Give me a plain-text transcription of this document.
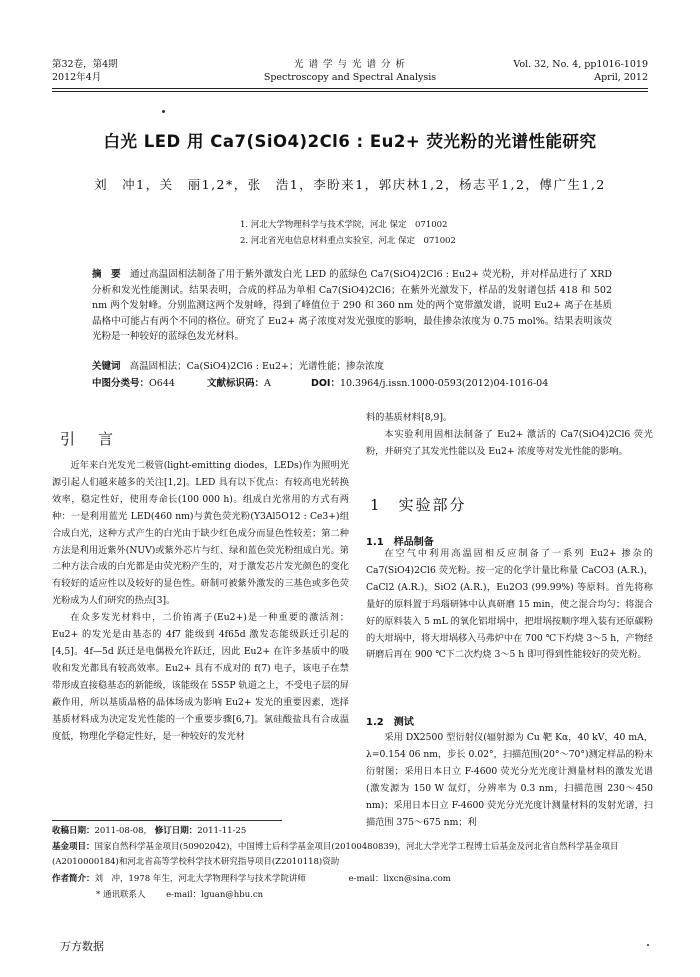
第32卷，第4期
2012年4月
光 谱 学 与 光 谱 分 析
Spectroscopy and Spectral Analysis
Vol. 32, No. 4, pp1016-1019
April, 2012
白光 LED 用 Ca7(SiO4)2Cl6 : Eu2+ 荧光粉的光谱性能研究
刘　冲1，关　丽1,2*，张　浩1，李盼来1，郭庆林1,2，杨志平1,2，傅广生1,2
1. 河北大学物理科学与技术学院，河北 保定　071002
2. 河北省光电信息材料重点实验室，河北 保定　071002
摘　要 通过高温固相法制备了用于紫外激发白光 LED 的蓝绿色 Ca7(SiO4)2Cl6 : Eu2+ 荧光粉，并对样品进行了 XRD 分析和发光性能测试。结果表明，合成的样品为单相 Ca7(SiO4)2Cl6；在紫外光激发下，样品的发射谱包括 418 和 502 nm 两个发射峰。分别监测这两个发射峰，得到了峰值位于 290 和 360 nm 处的两个宽带激发谱，说明 Eu2+ 离子在基质晶格中可能占有两个不同的格位。研究了 Eu2+ 离子浓度对发光强度的影响，最佳掺杂浓度为 0.75 mol%。结果表明该荧光粉是一种较好的蓝绿色发光材料。
关键词 高温固相法；Ca(SiO4)2Cl6 : Eu2+；光谱性能；掺杂浓度
中图分类号：O644	文献标识码：A	DOI：10.3964/j.issn.1000-0593(2012)04-1016-04
引　言

近年来白光发光二极管(light-emitting diodes，LEDs)作为照明光源引起人们越来越多的关注[1,2]。LED 具有以下优点：有较高电光转换效率，稳定性好，使用寿命长(100 000 h)。组成白光常用的方式有两种：一是利用蓝光 LED(460 nm)与黄色荧光粉(Y3Al5O12 : Ce3+)组合成白光，这种方式产生的白光由于缺少红色成分而显色性较差；第二种方法是利用近紫外(NUV)或紫外芯片与红、绿和蓝色荧光粉组成白光。第二种方法合成的白光都是由荧光粉产生的，对于激发芯片发光颜色的变化有较好的适应性以及较好的显色性。研制可被紫外激发的三基色或多色荧光粉成为人们研究的热点[3]。

在众多发光材料中，二价铕离子(Eu2+)是一种重要的激活剂；Eu2+ 的发光是由基态的 4f7 能级到 4f65d 激发态能级跃迁引起的[4,5]。4f—5d 跃迁是电偶极允许跃迁，因此 Eu2+ 在许多基质中的吸收和发光都具有较高效率。Eu2+ 具有不成对的 f(7) 电子，该电子在禁带形成直接稳基态的新能级，该能级在 5S5P 轨道之上，不受电子层的屏蔽作用，所以基质晶格的晶体场成为影响 Eu2+ 发光的重要因素，选择基质材料成为决定发光性能的一个重要步骤[6,7]。氯硅酸盐具有合成温度低，物理化学稳定性好，是一种较好的发光材

料的基质材料[8,9]。

本实验利用固相法制备了 Eu2+ 激活的 Ca7(SiO4)2Cl6 荧光粉，并研究了其发光性能以及 Eu2+ 浓度等对发光性能的影响。

1　实验部分
1.1　样品制备

在空气中利用高温固相反应制备了一系列 Eu2+ 掺杂的 Ca7(SiO4)2Cl6 荧光粉。按一定的化学计量比称量 CaCO3 (A.R.)，CaCl2 (A.R.)，SiO2 (A.R.)，Eu2O3 (99.99%) 等原料。首先将称量好的原料置于玛瑙研钵中认真研磨 15 min，使之混合均匀；将混合好的原料装入 5 mL 的氧化铝坩埚中，把坩埚按顺序埋入装有还原碳粉的大坩埚中，将大坩埚移入马弗炉中在 700 ℃下灼烧 3～5 h，产物经研磨后再在 900 ℃下二次灼烧 3～5 h 即可得到性能较好的荧光粉。

1.2　测试

采用 DX2500 型衍射仪(辐射源为 Cu 靶 Kα，40 kV，40 mA，λ=0.154 06 nm，步长 0.02°，扫描范围(20°～70°)测定样品的粉末衍射图；采用日本日立 F-4600 荧光分光光度计测量材料的激发光谱(激发源为 150 W 氙灯，分辨率为 0.3 nm，扫描范围 230～450 nm)；采用日本日立 F-4600 荧光分光光度计测量材料的发射光谱，扫描范围 375～675 nm；利

收稿日期：2011-08-08， 修订日期：2011-11-25
基金项目：国家自然科学基金项目(50902042)，中国博士后科学基金项目(20100480839)，河北大学光学工程博士后基金及河北省自然科学基金项目(A2010000184)和河北省高等学校科学技术研究指导项目(Z2010118)资助
作者简介：刘　冲，1978 年生，河北大学物理科学与技术学院讲师	e-mail：lixcn@sina.com
* 通讯联系人 e-mail：lguan@hbu.cn
万方数据
